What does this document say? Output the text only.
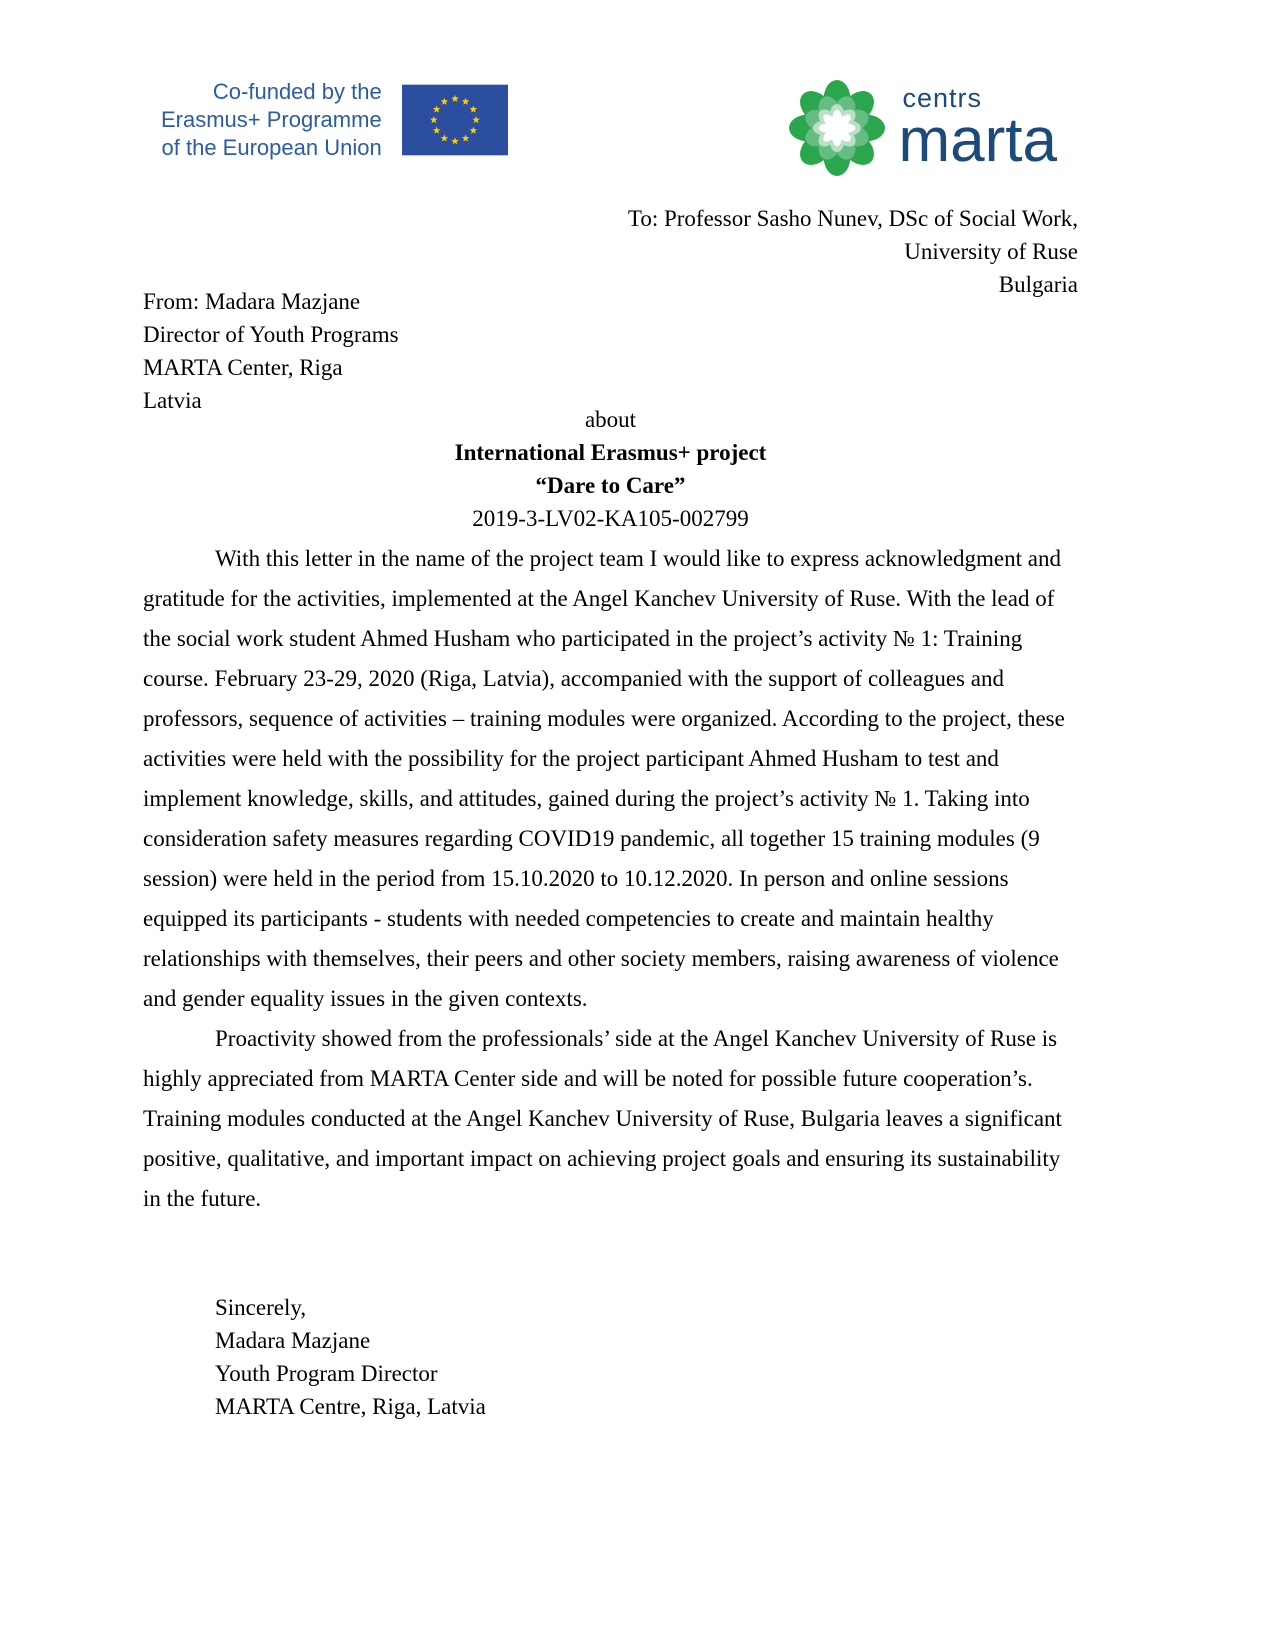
Co-funded by the
Erasmus+ Programme
of the European Union
centrs
marta
To: Professor Sasho Nunev, DSc of Social Work,
University of Ruse
Bulgaria
From: Madara Mazjane
Director of Youth Programs
MARTA Center, Riga
Latvia
about
International Erasmus+ project
“Dare to Care”
2019-3-LV02-KA105-002799

With this letter in the name of the project team I would like to express acknowledgment and gratitude for the activities, implemented at the Angel Kanchev University of Ruse. With the lead of the social work student Ahmed Husham who participated in the project’s activity № 1: Training course. February 23-29, 2020 (Riga, Latvia), accompanied with the support of colleagues and professors, sequence of activities – training modules were organized. According to the project, these activities were held with the possibility for the project participant Ahmed Husham to test and implement knowledge, skills, and attitudes, gained during the project’s activity № 1. Taking into consideration safety measures regarding COVID19 pandemic, all together 15 training modules (9 session) were held in the period from 15.10.2020 to 10.12.2020. In person and online sessions equipped its participants - students with needed competencies to create and maintain healthy relationships with themselves, their peers and other society members, raising awareness of violence and gender equality issues in the given contexts.

Proactivity showed from the professionals’ side at the Angel Kanchev University of Ruse is highly appreciated from MARTA Center side and will be noted for possible future cooperation’s. Training modules conducted at the Angel Kanchev University of Ruse, Bulgaria leaves a significant positive, qualitative, and important impact on achieving project goals and ensuring its sustainability in the future.

Sincerely,
Madara Mazjane
Youth Program Director
MARTA Centre, Riga, Latvia
